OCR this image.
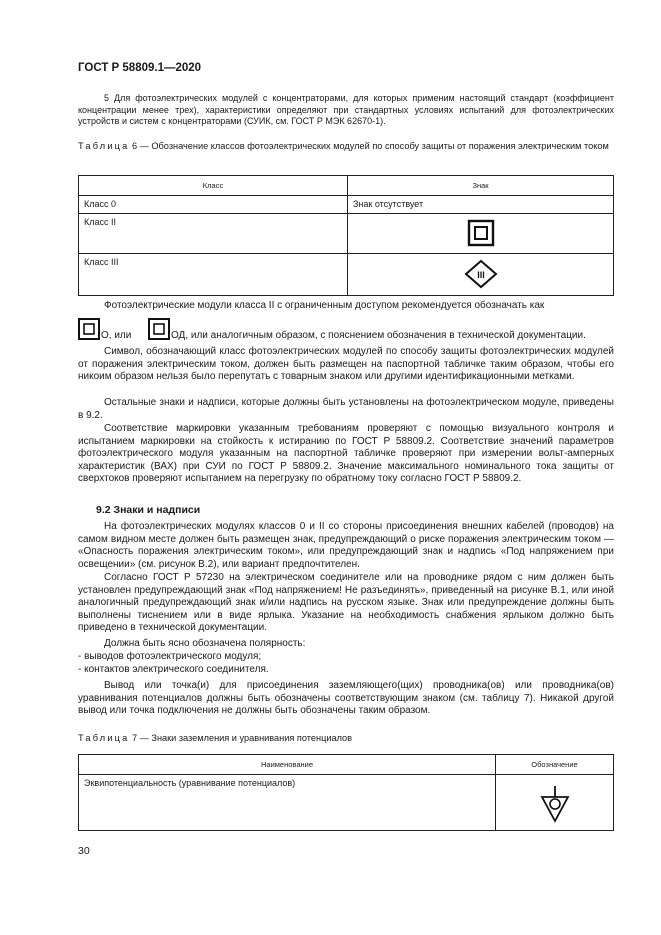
ГОСТ Р 58809.1—2020
5 Для фотоэлектрических модулей с концентраторами, для которых применим настоящий стандарт (коэффициент концентрации менее трех), характеристики определяют при стандартных условиях испытаний для фотоэлектрических устройств и систем с концентраторами (СУИК, см. ГОСТ Р МЭК 62670-1).
Таблица 6 — Обозначение классов фотоэлектрических модулей по способу защиты от поражения электрическим током
Класс	Знак
Класс 0	Знак отсутствует
Класс II	
Класс III	III
Фотоэлектрические модули класса II с ограниченным доступом рекомендуется обозначать как
О, или	ОД, или аналогичным образом, с пояснением обозначения в технической документации.
Символ, обозначающий класс фотоэлектрических модулей по способу защиты фотоэлектрических модулей от поражения электрическим током, должен быть размещен на паспортной табличке таким образом, чтобы его никоим образом нельзя было перепутать с товарным знаком или другими идентификационными метками.
Остальные знаки и надписи, которые должны быть установлены на фотоэлектрическом модуле, приведены в 9.2.
Соответствие маркировки указанным требованиям проверяют с помощью визуального контроля и испытанием маркировки на стойкость к истиранию по ГОСТ Р 58809.2. Соответствие значений параметров фотоэлектрического модуля указанным на паспортной табличке проверяют при измерении вольт-амперных характеристик (ВАХ) при СУИ по ГОСТ Р 58809.2. Значение максимального номинального тока защиты от сверхтоков проверяют испытанием на перегрузку по обратному току согласно ГОСТ Р 58809.2.
9.2 Знаки и надписи
На фотоэлектрических модулях классов 0 и II со стороны присоединения внешних кабелей (проводов) на самом видном месте должен быть размещен знак, предупреждающий о риске поражения электрическим током — «Опасность поражения электрическим током», или предупреждающий знак и надпись «Под напряжением при освещении» (см. рисунок В.2), или вариант предпочтителен.
Согласно ГОСТ Р 57230 на электрическом соединителе или на проводнике рядом с ним должен быть установлен предупреждающий знак «Под напряжением! Не разъединять», приведенный на рисунке В.1, или иной аналогичный предупреждающий знак и/или надпись на русском языке. Знак или предупреждение должны быть выполнены тиснением или в виде ярлыка. Указание на необходимость снабжения ярлыком должно быть приведено в технической документации.
Должна быть ясно обозначена полярность:
- выводов фотоэлектрического модуля;
- контактов электрического соединителя.
Вывод или точка(и) для присоединения заземляющего(щих) проводника(ов) или проводника(ов) уравнивания потенциалов должны быть обозначены соответствующим знаком (см. таблицу 7). Никакой другой вывод или точка подключения не должны быть обозначены таким образом.
Таблица 7 — Знаки заземления и уравнивания потенциалов
Наименование	Обозначение
Эквипотенциальность (уравнивание потенциалов)	
30
